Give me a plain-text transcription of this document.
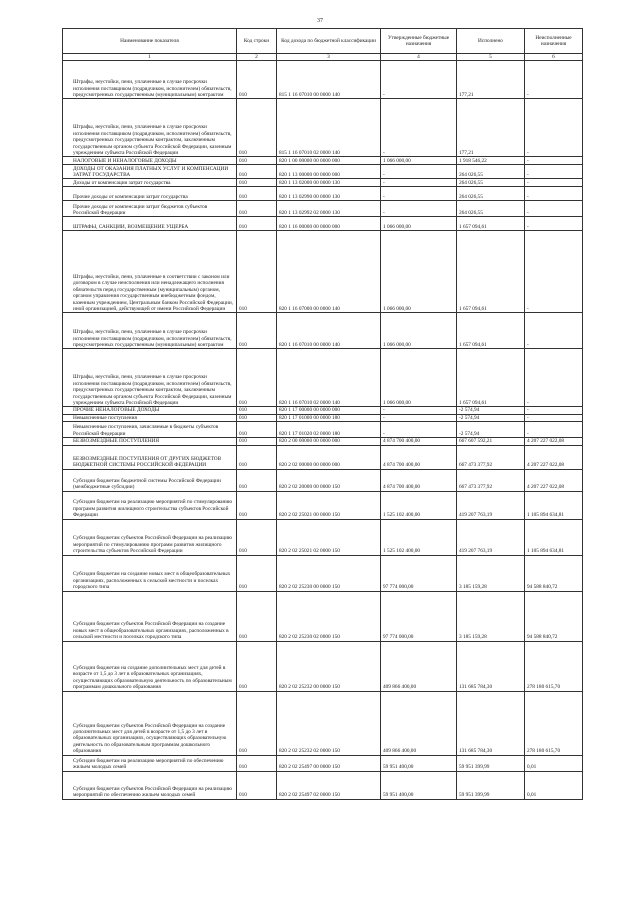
37
Наименование показателя	Код строки	Код дохода по бюджетной классификации	Утвержденные бюджетные назначения	Исполнено	Неисполненные назначения
1	2	3	4	5	6
Штрафы, неустойки, пени, уплаченные в случае просрочки исполнения поставщиком (подрядчиком, исполнителем) обязательств, предусмотренных государственным (муниципальным) контрактом	010	815 1 16 07010 00 0000 140	-	177,21	-
Штрафы, неустойки, пени, уплаченные в случае просрочки исполнения поставщиком (подрядчиком, исполнителем) обязательств, предусмотренных государственным контрактом, заключенным государственным органом субъекта Российской Федерации, казенным учреждением субъекта Российской Федерации	010	815 1 16 07010 02 0000 140	-	177,21	-
НАЛОГОВЫЕ И НЕНАЛОГОВЫЕ ДОХОДЫ	010	820 1 00 00000 00 0000 000	1 066 000,00	1 918 546,22	-
ДОХОДЫ ОТ ОКАЗАНИЯ ПЛАТНЫХ УСЛУГ И КОМПЕНСАЦИИ ЗАТРАТ ГОСУДАРСТВА	010	820 1 13 00000 00 0000 000	-	264 026,55	-
Доходы от компенсации затрат государства	010	820 1 13 02000 00 0000 130	-	264 026,55	-
Прочие доходы от компенсации затрат государства	010	820 1 13 02990 00 0000 130	-	264 026,55	-
Прочие доходы от компенсации затрат бюджетов субъектов Российской Федерации	010	820 1 13 02992 02 0000 130	-	264 026,55	-
ШТРАФЫ, САНКЦИИ, ВОЗМЕЩЕНИЕ УЩЕРБА	010	820 1 16 00000 00 0000 000	1 066 000,00	1 657 094,61	-
Штрафы, неустойки, пени, уплаченные в соответствии с законом или договором в случае неисполнения или ненадлежащего исполнения обязательств перед государственным (муниципальным) органом, органом управления государственным внебюджетным фондом, казенным учреждением, Центральным банком Российской Федерации, иной организацией, действующей от имени Российской Федерации	010	820 1 16 07000 00 0000 140	1 066 000,00	1 657 094,61	-
Штрафы, неустойки, пени, уплаченные в случае просрочки исполнения поставщиком (подрядчиком, исполнителем) обязательств, предусмотренных государственным (муниципальным) контрактом	010	820 1 16 07010 00 0000 140	1 066 000,00	1 657 094,61	-
Штрафы, неустойки, пени, уплаченные в случае просрочки исполнения поставщиком (подрядчиком, исполнителем) обязательств, предусмотренных государственным контрактом, заключенным государственным органом субъекта Российской Федерации, казенным учреждением субъекта Российской Федерации	010	820 1 16 07010 02 0000 140	1 066 000,00	1 657 094,61	-
ПРОЧИЕ НЕНАЛОГОВЫЕ ДОХОДЫ	010	820 1 17 00000 00 0000 000	-	-2 574,94	-
Невыясненные поступления	010	820 1 17 01000 00 0000 180	-	-2 574,94	-
Невыясненные поступления, зачисляемые в бюджеты субъектов Российской Федерации	010	820 1 17 01020 02 0000 180	-	-2 574,94	-
БЕЗВОЗМЕЗДНЫЕ ПОСТУПЛЕНИЯ	010	820 2 00 00000 00 0000 000	4 874 700 400,00	667 607 592,21	4 207 227 022,08
БЕЗВОЗМЕЗДНЫЕ ПОСТУПЛЕНИЯ ОТ ДРУГИХ БЮДЖЕТОВ БЮДЖЕТНОЙ СИСТЕМЫ РОССИЙСКОЙ ФЕДЕРАЦИИ	010	820 2 02 00000 00 0000 000	4 874 700 400,00	667 473 377,92	4 207 227 022,08
Субсидии бюджетам бюджетной системы Российской Федерации (межбюджетные субсидии)	010	820 2 02 20000 00 0000 150	4 874 700 400,00	667 473 377,92	4 207 227 022,08
Субсидии бюджетам на реализацию мероприятий по стимулированию программ развития жилищного строительства субъектов Российской Федерации	010	820 2 02 25021 00 0000 150	1 525 102 400,00	419 207 763,19	1 105 894 634,81
Субсидии бюджетам субъектов Российской Федерации на реализацию мероприятий по стимулированию программ развития жилищного строительства субъектов Российской Федерации	010	820 2 02 25021 02 0000 150	1 525 102 400,00	419 207 763,19	1 105 894 634,81
Субсидии бюджетам на создание новых мест в общеобразовательных организациях, расположенных в сельской местности и поселках городского типа	010	820 2 02 25230 00 0000 150	97 774 000,00	3 185 159,28	94 588 840,72
Субсидии бюджетам субъектов Российской Федерации на создание новых мест в общеобразовательных организациях, расположенных в сельской местности и поселках городского типа	010	820 2 02 25230 02 0000 150	97 774 000,00	3 185 159,28	94 588 840,72
Субсидии бюджетам на создание дополнительных мест для детей в возрасте от 1,5 до 3 лет в образовательных организациях, осуществляющих образовательную деятельность по образовательным программам дошкольного образования	010	820 2 02 25232 00 0000 150	409 866 400,00	131 685 784,30	278 180 615,70
Субсидии бюджетам субъектов Российской Федерации на создание дополнительных мест для детей в возрасте от 1,5 до 3 лет в образовательных организациях, осуществляющих образовательную деятельность по образовательным программам дошкольного образования	010	820 2 02 25232 02 0000 150	409 866 400,00	131 685 784,30	278 180 615,70
Субсидии бюджетам на реализацию мероприятий по обеспечению жильем молодых семей	010	820 2 02 25497 00 0000 150	59 951 400,00	59 951 399,99	0,01
Субсидии бюджетам субъектов Российской Федерации на реализацию мероприятий по обеспечению жильем молодых семей	010	820 2 02 25497 02 0000 150	59 951 400,00	59 951 399,99	0,01
